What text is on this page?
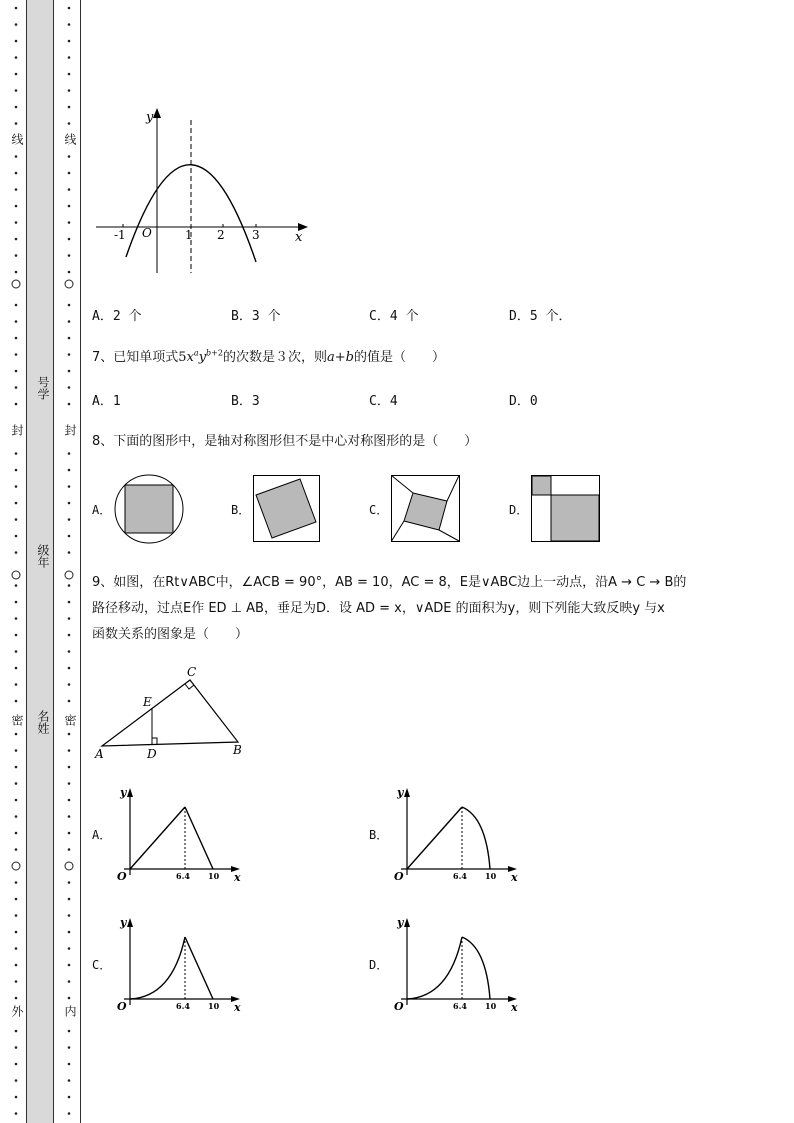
线
封
密
外
线
封
密
内
号学
级年
名姓
y
x
O
-1	1 2 3
A．2 个	B．3 个	C．4 个	D．5 个．
7、已知单项式$5x^ay^{b+2}$的次数是３次，则a+b的值是（　　）
A．1	B．3	C．4	D．0
8、下面的图形中，是轴对称图形但不是中心对称图形的是（　　）
A．	B．	C．	D．
9、如图，在Rt∨ABC中，∠ACB = 90°，AB = 10，AC = 8，E是∨ABC边上一动点，沿A → C → B的
路径移动，过点E作 ED ⊥ AB，垂足为D．设 AD = x，∨ADE 的面积为y，则下列能大致反映y 与x
函数关系的图象是（　　）
A	B
C
D
E
A．
y
x
O	6.4 10
B．
y
x
O	6.4 10
C．
y
x
O	6.4 10
D．
y
x
O	6.4 10
